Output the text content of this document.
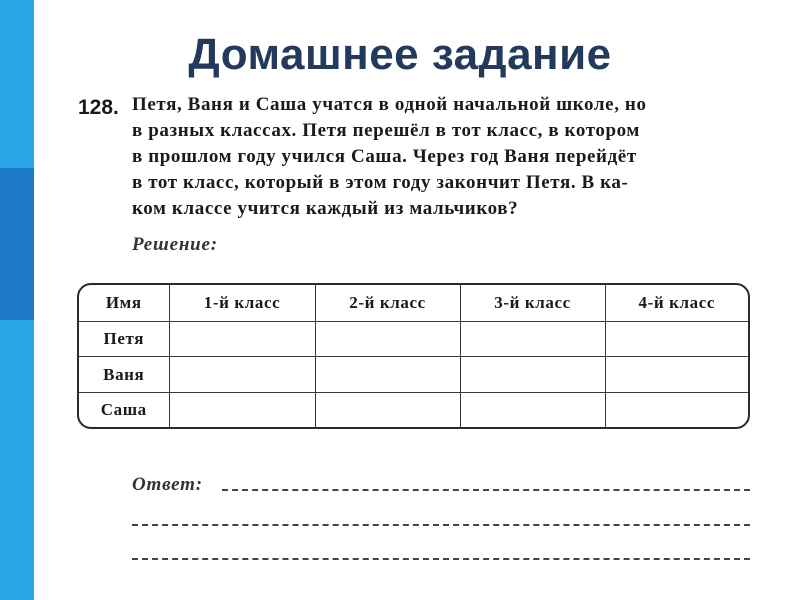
Домашнее задание
128. Петя, Ваня и Саша учатся в одной начальной школе, но
в разных классах. Петя перешёл в тот класс, в котором
в прошлом году учился Саша. Через год Ваня перейдёт
в тот класс, который в этом году закончит Петя. В ка-
ком классе учится каждый из мальчиков?
Решение:
Имя	1-й класс	2-й класс	3-й класс	4-й класс
Петя				
Ваня				
Саша				
Ответ:
